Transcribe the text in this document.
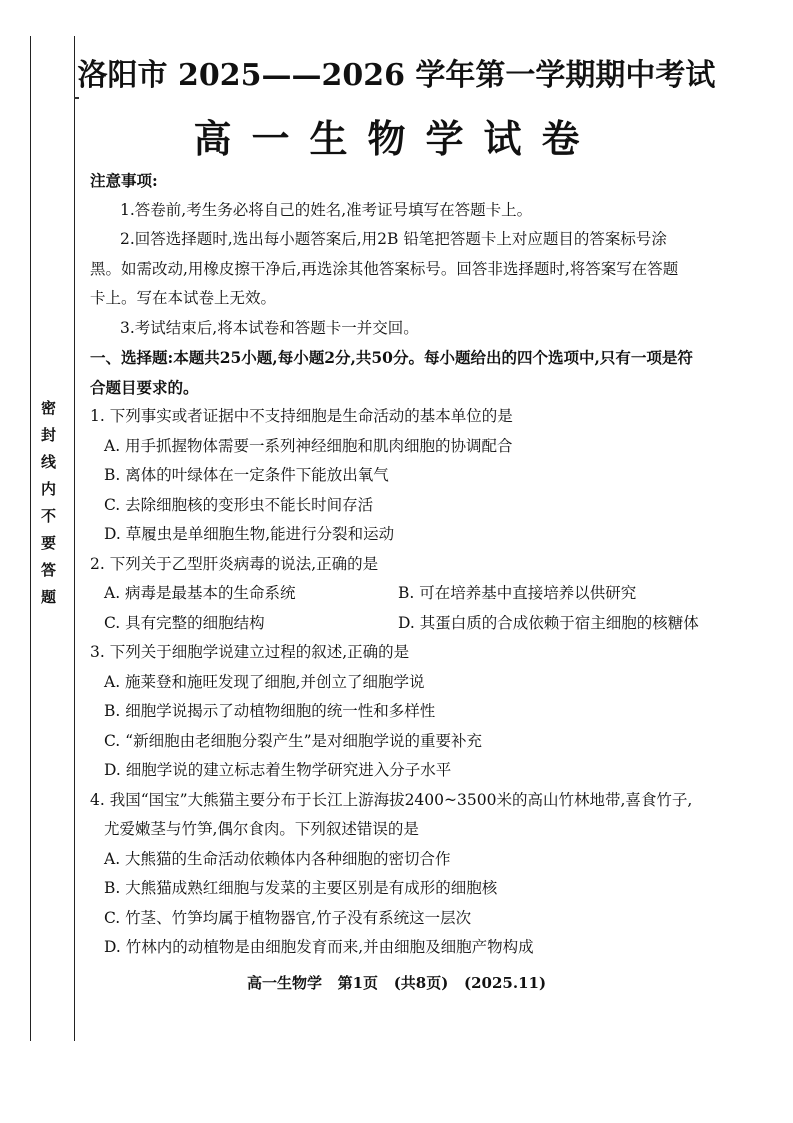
密封线内不要答题
洛阳市 2025——2026 学年第一学期期中考试
高一生物学试卷
注意事项:
1.答卷前,考生务必将自己的姓名,准考证号填写在答题卡上。
2.回答选择题时,选出每小题答案后,用2B 铅笔把答题卡上对应题目的答案标号涂
黑。如需改动,用橡皮擦干净后,再选涂其他答案标号。回答非选择题时,将答案写在答题
卡上。写在本试卷上无效。
3.考试结束后,将本试卷和答题卡一并交回。
一、选择题:本题共25小题,每小题2分,共50分。每小题给出的四个选项中,只有一项是符
合题目要求的。
1. 下列事实或者证据中不支持细胞是生命活动的基本单位的是
A. 用手抓握物体需要一系列神经细胞和肌肉细胞的协调配合
B. 离体的叶绿体在一定条件下能放出氧气
C. 去除细胞核的变形虫不能长时间存活
D. 草履虫是单细胞生物,能进行分裂和运动
2. 下列关于乙型肝炎病毒的说法,正确的是
A. 病毒是最基本的生命系统	B. 可在培养基中直接培养以供研究
C. 具有完整的细胞结构	D. 其蛋白质的合成依赖于宿主细胞的核糖体
3. 下列关于细胞学说建立过程的叙述,正确的是
A. 施莱登和施旺发现了细胞,并创立了细胞学说
B. 细胞学说揭示了动植物细胞的统一性和多样性
C. “新细胞由老细胞分裂产生”是对细胞学说的重要补充
D. 细胞学说的建立标志着生物学研究进入分子水平
4. 我国“国宝”大熊猫主要分布于长江上游海拔2400~3500米的高山竹林地带,喜食竹子,
尤爱嫩茎与竹笋,偶尔食肉。下列叙述错误的是
A. 大熊猫的生命活动依赖体内各种细胞的密切合作
B. 大熊猫成熟红细胞与发菜的主要区别是有成形的细胞核
C. 竹茎、竹笋均属于植物器官,竹子没有系统这一层次
D. 竹林内的动植物是由细胞发育而来,并由细胞及细胞产物构成
高一生物学   第1页   (共8页)   (2025.11)
